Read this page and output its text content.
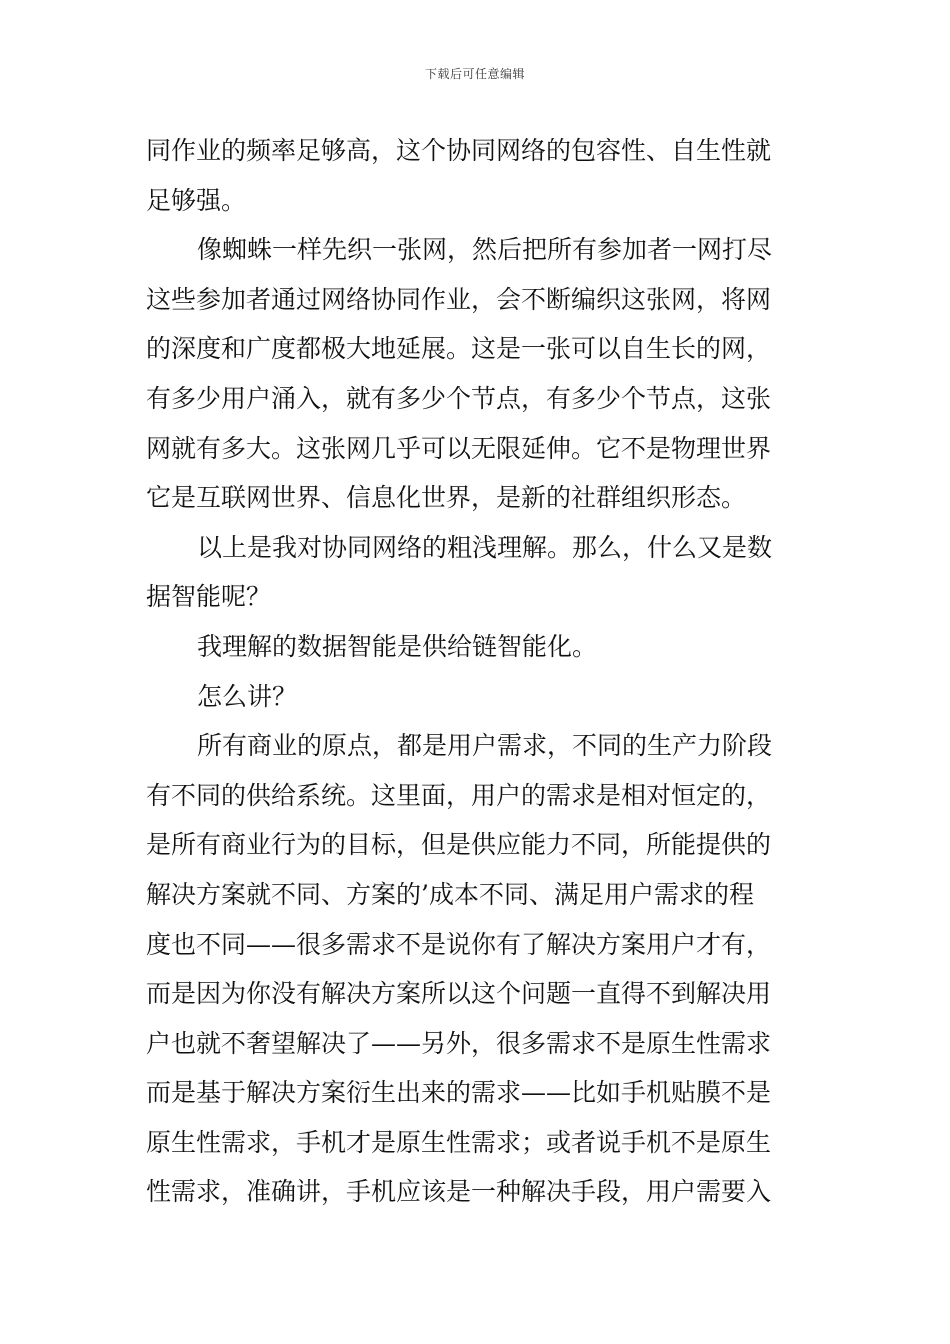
下载后可任意编辑
同作业的频率足够高，这个协同网络的包容性、自生性就
足够强。
像蜘蛛一样先织一张网，然后把所有参加者一网打尽
这些参加者通过网络协同作业，会不断编织这张网，将网
的深度和广度都极大地延展。这是一张可以自生长的网，
有多少用户涌入，就有多少个节点，有多少个节点，这张
网就有多大。这张网几乎可以无限延伸。它不是物理世界
它是互联网世界、信息化世界，是新的社群组织形态。
以上是我对协同网络的粗浅理解。那么，什么又是数
据智能呢？
我理解的数据智能是供给链智能化。
怎么讲？
所有商业的原点，都是用户需求，不同的生产力阶段
有不同的供给系统。这里面，用户的需求是相对恒定的，
是所有商业行为的目标，但是供应能力不同，所能提供的
解决方案就不同、方案的’成本不同、满足用户需求的程
度也不同——很多需求不是说你有了解决方案用户才有，
而是因为你没有解决方案所以这个问题一直得不到解决用
户也就不奢望解决了——另外，很多需求不是原生性需求
而是基于解决方案衍生出来的需求——比如手机贴膜不是
原生性需求，手机才是原生性需求；或者说手机不是原生
性需求，准确讲，手机应该是一种解决手段，用户需要入
